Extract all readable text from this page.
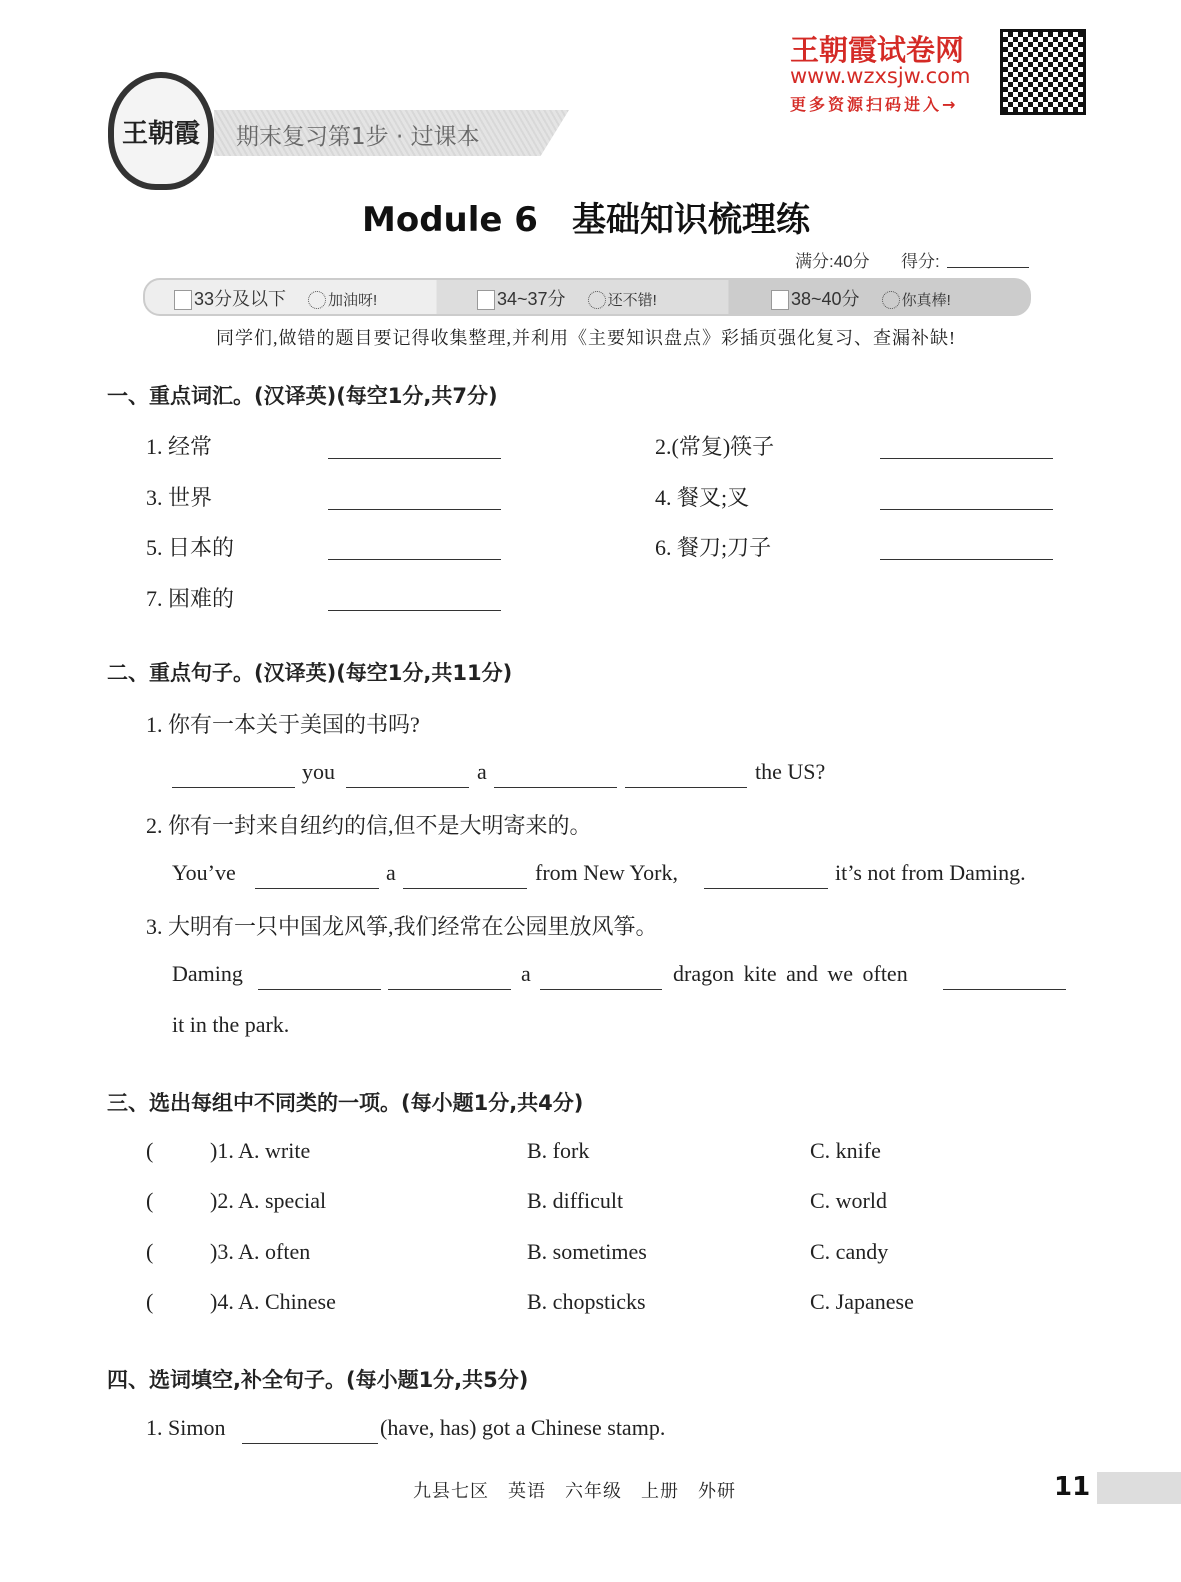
王朝霞 期末复习第1步 · 过课本
王朝霞试卷网
www.wzxsjw.com
更多资源扫码进入→
Module 6　基础知识梳理练
满分:40分 得分:
33分及以下	加油呀!	34~37分	还不错!	38~40分	你真棒!
同学们,做错的题目要记得收集整理,并利用《主要知识盘点》彩插页强化复习、查漏补缺!
一、重点词汇。(汉译英)(每空1分,共7分)
1. 经常	2.(常复)筷子
3. 世界	4. 餐叉;叉
5. 日本的	6. 餐刀;刀子
7. 困难的
二、重点句子。(汉译英)(每空1分,共11分)
1. 你有一本关于美国的书吗?
you	a	the US?
2. 你有一封来自纽约的信,但不是大明寄来的。
You’ve	a	from New York,	it’s not from Daming.
3. 大明有一只中国龙风筝,我们经常在公园里放风筝。
Daming	a	dragon kite and we often
it in the park.
三、选出每组中不同类的一项。(每小题1分,共4分)
(	)1. A. write	B. fork	C. knife
(	)2. A. special	B. difficult	C. world
(	)3. A. often	B. sometimes	C. candy
(	)4. A. Chinese	B. chopsticks	C. Japanese
四、选词填空,补全句子。(每小题1分,共5分)
1. Simon	(have, has) got a Chinese stamp.
九县七区　英语　六年级　上册　外研	11
